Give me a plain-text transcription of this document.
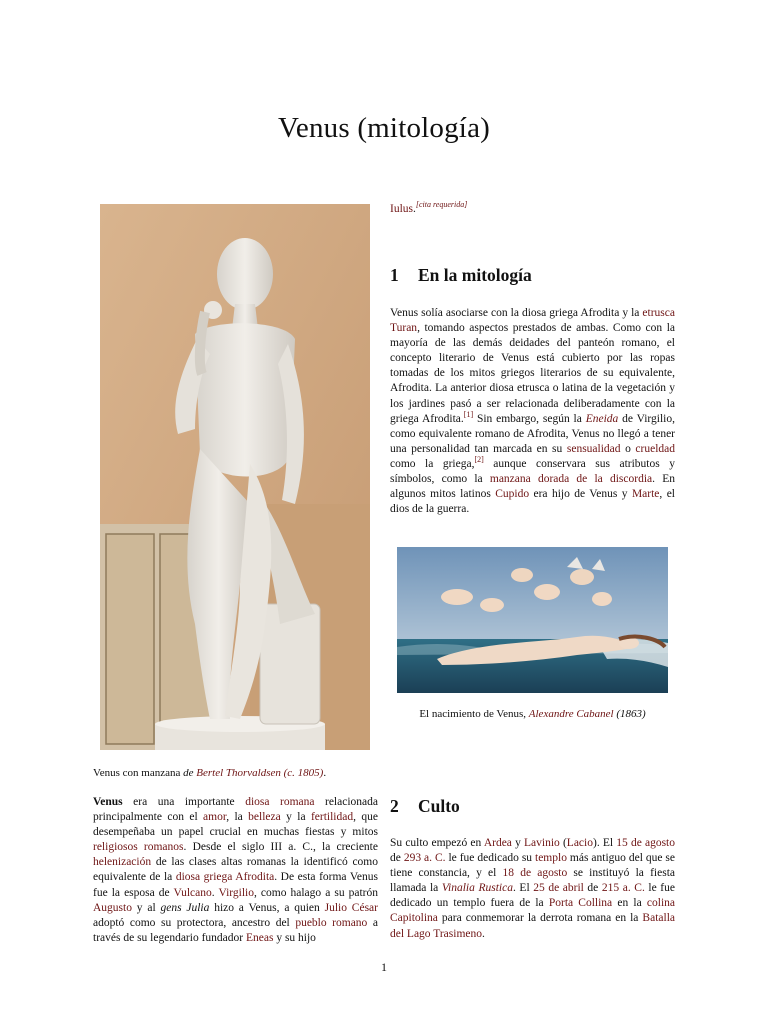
Venus (mitología)
Venus con manzana de Bertel Thorvaldsen (c. 1805).
Venus era una importante diosa romana relacionada principalmente con el amor, la belleza y la fertilidad, que desempeñaba un papel crucial en muchas fiestas y mitos religiosos romanos. Desde el siglo III a. C., la creciente helenización de las clases altas romanas la identificó como equivalente de la diosa griega Afrodita. De esta forma Venus fue la esposa de Vulcano. Virgilio, como halago a su patrón Augusto y al gens Julia hizo a Venus, a quien Julio César adoptó como su protectora, ancestro del pueblo romano a través de su legendario fundador Eneas y su hijo
Iulus.[cita requerida]
1 En la mitología
Venus solía asociarse con la diosa griega Afrodita y la etrusca Turan, tomando aspectos prestados de ambas. Como con la mayoría de las demás deidades del panteón romano, el concepto literario de Venus está cubierto por las ropas tomadas de los mitos griegos literarios de su equivalente, Afrodita. La anterior diosa etrusca o latina de la vegetación y los jardines pasó a ser relacionada deliberadamente con la griega Afrodita.[1] Sin embargo, según la Eneida de Virgilio, como equivalente romano de Afrodita, Venus no llegó a tener una personalidad tan marcada en su sensualidad o crueldad como la griega,[2] aunque conservara sus atributos y símbolos, como la manzana dorada de la discordia. En algunos mitos latinos Cupido era hijo de Venus y Marte, el dios de la guerra.
2 Culto
Su culto empezó en Ardea y Lavinio (Lacio). El 15 de agosto de 293 a. C. le fue dedicado su templo más antiguo del que se tiene constancia, y el 18 de agosto se instituyó la fiesta llamada la Vinalia Rustica. El 25 de abril de 215 a. C. le fue dedicado un templo fuera de la Porta Collina en la colina Capitolina para conmemorar la derrota romana en la Batalla del Lago Trasimeno.
El nacimiento de Venus, Alexandre Cabanel (1863)
1
